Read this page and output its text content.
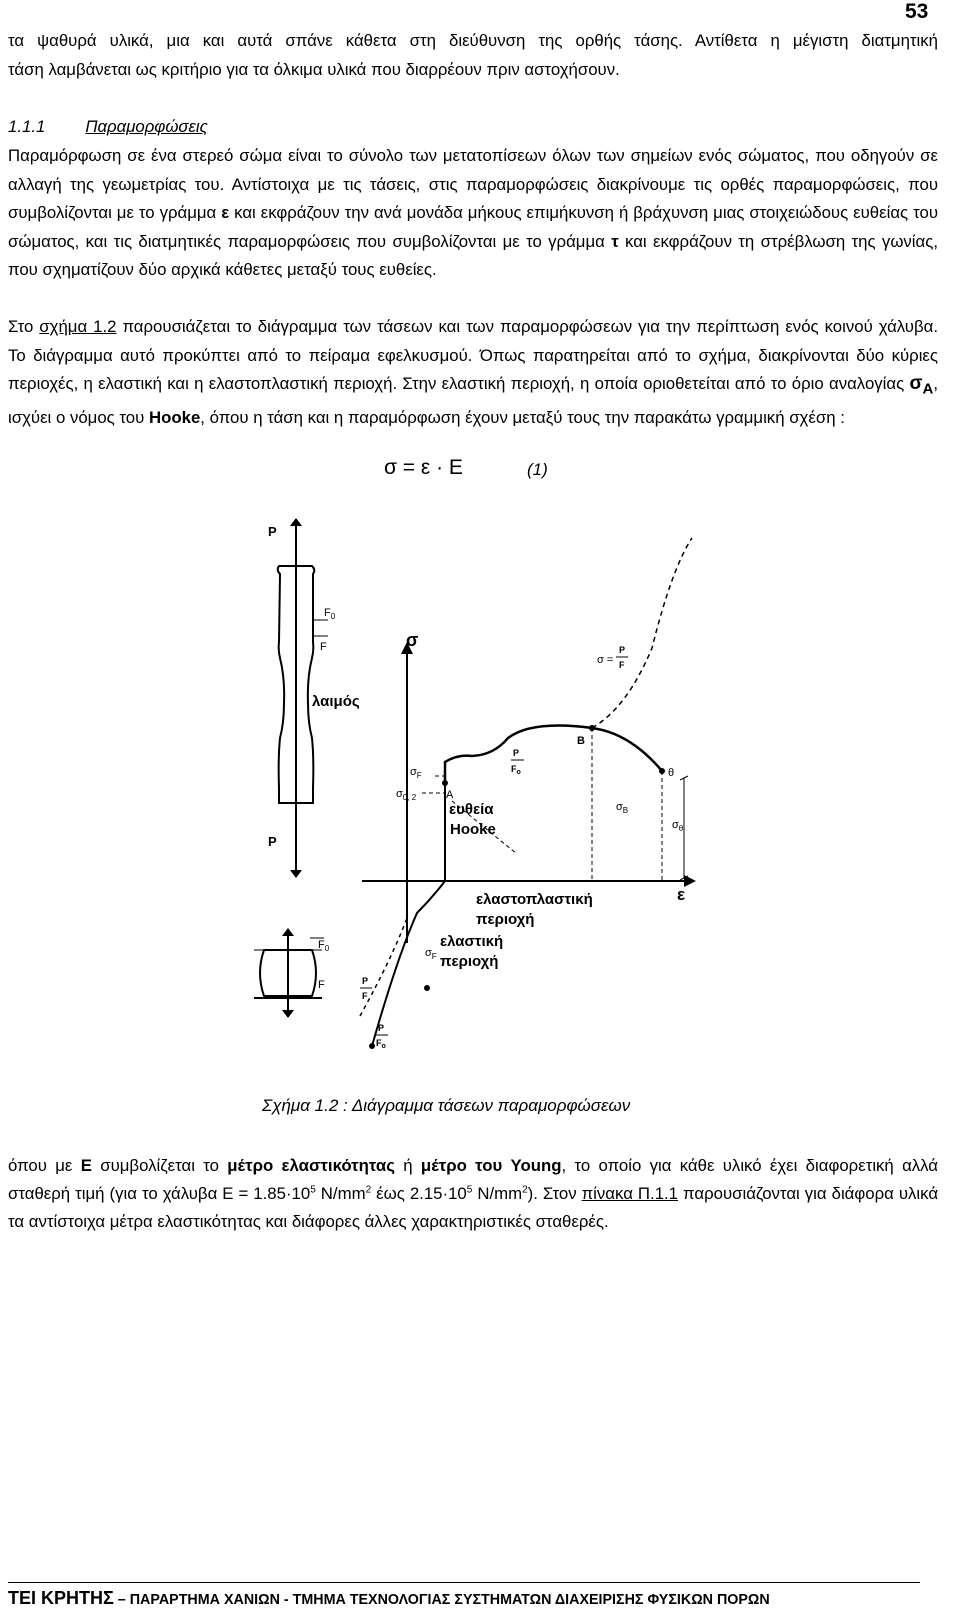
53
τα ψαθυρά υλικά, μια και αυτά σπάνε κάθετα στη διεύθυνση της ορθής τάσης. Αντίθετα η μέγιστη διατμητική
τάση λαμβάνεται ως κριτήριο για τα όλκιμα υλικά που διαρρέουν πριν αστοχήσουν.
1.1.1 Παραμορφώσεις
Παραμόρφωση σε ένα στερεό σώμα είναι το σύνολο των μετατοπίσεων όλων των σημείων ενός σώματος, που οδηγούν σε αλλαγή της γεωμετρίας του. Αντίστοιχα με τις τάσεις, στις παραμορφώσεις διακρίνουμε τις ορθές παραμορφώσεις, που συμβολίζονται με το γράμμα ε και εκφράζουν την ανά μονάδα μήκους επιμήκυνση ή βράχυνση μιας στοιχειώδους ευθείας του σώματος, και τις διατμητικές παραμορφώσεις που συμβολίζονται με το γράμμα τ και εκφράζουν τη στρέβλωση της γωνίας, που σχηματίζουν δύο αρχικά κάθετες μεταξύ τους ευθείες.
Στο σχήμα 1.2 παρουσιάζεται το διάγραμμα των τάσεων και των παραμορφώσεων για την περίπτωση ενός κοινού χάλυβα. Το διάγραμμα αυτό προκύπτει από το πείραμα εφελκυσμού. Όπως παρατηρείται από το σχήμα, διακρίνονται δύο κύριες περιοχές, η ελαστική και η ελαστοπλαστική περιοχή. Στην ελαστική περιοχή, η οποία οριοθετείται από το όριο αναλογίας $\sigma_A$, ισχύει ο νόμος του Hooke, όπου η τάση και η παραμόρφωση έχουν μεταξύ τους την παρακάτω γραμμική σχέση :
σ = ε · E	(1)
P
P
$F_0$
F
λαιμός
$F_0$
F
σ
ε
σ =
P
F
P
$F_o$
B
θ
$\sigma_F$
$\sigma_{0, 2}$	A
$\sigma_B$
$\sigma_\theta$
$\sigma_F$
P
F
P
$F_o$
ευθεία
Hooke
ελαστοπλαστική
περιοχή
ελαστική
περιοχή
Σχήμα 1.2 : Διάγραμμα τάσεων παραμορφώσεων
όπου με Ε συμβολίζεται το μέτρο ελαστικότητας ή μέτρο του Young, το οποίο για κάθε υλικό έχει διαφορετική αλλά σταθερή τιμή (για το χάλυβα $E = 1.85\cdot 10^5$ $N/mm^2$ έως $2.15\cdot 10^5$ $N/mm^2$). Στον πίνακα Π.1.1 παρουσιάζονται για διάφορα υλικά τα αντίστοιχα μέτρα ελαστικότητας και διάφορες άλλες χαρακτηριστικές σταθερές.
ΤΕΙ ΚΡΗΤΗΣ – ΠΑΡΑΡΤΗΜΑ ΧΑΝΙΩΝ - ΤΜΗΜΑ ΤΕΧΝΟΛΟΓΙΑΣ ΣΥΣΤΗΜΑΤΩΝ ΔΙΑΧΕΙΡΙΣΗΣ ΦΥΣΙΚΩΝ ΠΟΡΩΝ
